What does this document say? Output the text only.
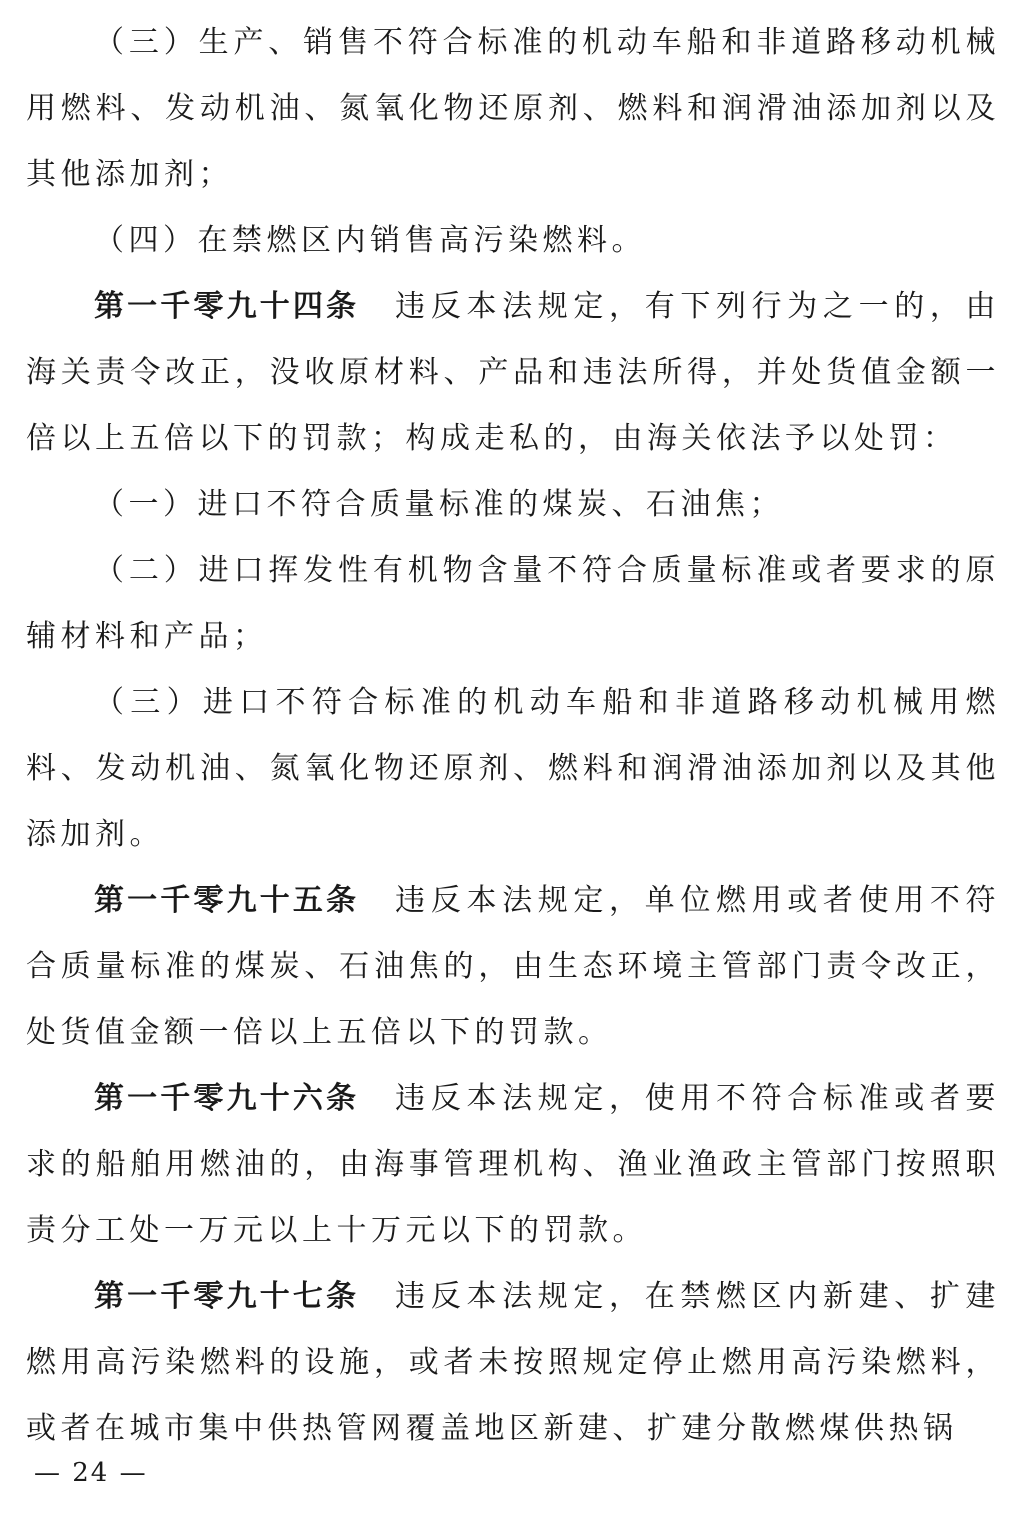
（三）生产、销售不符合标准的机动车船和非道路移动机械用燃料、发动机油、氮氧化物还原剂、燃料和润滑油添加剂以及其他添加剂；

（四）在禁燃区内销售高污染燃料。

第一千零九十四条 违反本法规定，有下列行为之一的，由海关责令改正，没收原材料、产品和违法所得，并处货值金额一倍以上五倍以下的罚款；构成走私的，由海关依法予以处罚：

（一）进口不符合质量标准的煤炭、石油焦；

（二）进口挥发性有机物含量不符合质量标准或者要求的原辅材料和产品；

（三）进口不符合标准的机动车船和非道路移动机械用燃料、发动机油、氮氧化物还原剂、燃料和润滑油添加剂以及其他添加剂。

第一千零九十五条 违反本法规定，单位燃用或者使用不符合质量标准的煤炭、石油焦的，由生态环境主管部门责令改正，处货值金额一倍以上五倍以下的罚款。

第一千零九十六条 违反本法规定，使用不符合标准或者要求的船舶用燃油的，由海事管理机构、渔业渔政主管部门按照职责分工处一万元以上十万元以下的罚款。

第一千零九十七条 违反本法规定，在禁燃区内新建、扩建燃用高污染燃料的设施，或者未按照规定停止燃用高污染燃料，或者在城市集中供热管网覆盖地区新建、扩建分散燃煤供热锅

— 24 —
